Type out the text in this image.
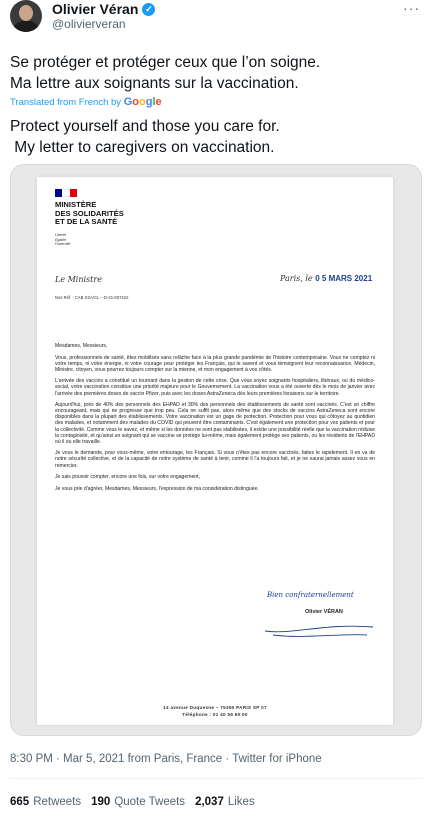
Olivier Véran ✓
@olivierveran
···
Se protéger et protéger ceux que l’on soigne.
Ma lettre aux soignants sur la vaccination.
((t8009(
Translated from French by Google
Protect yourself and those you care for.
My letter to caregivers on vaccination.
MINISTÈRE
DES SOLIDARITÉS
ET DE LA SANTÉ
Liberté
Égalité
Fraternité
Le Ministre	Paris, le 0 5 MARS 2021
Nos Réf. : CAB SSA/CL – D-21-007422

Mesdames, Messieurs,

Vous, professionnels de santé, êtes mobilisés sans relâche face à la plus grande pandémie de l'histoire contemporaine. Vous ne comptez ni votre temps, ni votre énergie, ni votre courage pour protéger les Français, qui le savent et vous témoignent leur reconnaissance. Médecin, Ministre, citoyen, vous pourrez toujours compter sur la mienne, et mon engagement à vos côtés.

L'arrivée des vaccins a constitué un tournant dans la gestion de cette crise. Que vous soyez soignants hospitaliers, libéraux, ou du médico-social, votre vaccination constitue une priorité majeure pour le Gouvernement. La vaccination vous a été ouverte dès le mois de janvier avec l'arrivée des premières doses de vaccin Pfizer, puis avec les doses AstraZeneca dès leurs premières livraisons sur le territoire.

Aujourd'hui, près de 40% des personnels des EHPAD et 30% des personnels des établissements de santé sont vaccinés. C'est un chiffre encourageant, mais qui ne progresse que trop peu. Cela ne suffit pas, alors même que des stocks de vaccins AstraZeneca sont encore disponibles dans la plupart des établissements. Votre vaccination est un gage de protection. Protection pour vous qui côtoyez au quotidien des malades, et notamment des malades du COVID qui peuvent être contaminants. C'est également une protection pour vos patients et pour la collectivité. Comme vous le savez, et même si les données ne sont pas stabilisées, il existe une possibilité réelle que la vaccination réduise la contagiosité, et qu'ainsi un soignant qui se vaccine se protège lui-même, mais également protège ses patients, ou les résidents de l'EHPAD où il ou elle travaille.

Je vous le demande, pour vous-même, votre entourage, les Français. Si vous n'êtes pas encore vaccinés, faites le rapidement. Il en va de notre sécurité collective, et de la capacité de notre système de santé à tenir, comme il l'a toujours fait, et je ne saurai jamais assez vous en remercier.

Je sais pouvoir compter, encore une fois, sur votre engagement,

Je vous prie d'agréer, Mesdames, Messieurs, l'expression de ma considération distinguée.

Bien confraternellement
Olivier VÉRAN
14 avenue Duquesne – 75350 PARIS SP 07
Téléphone : 01 40 56 60 00
8:30 PM · Mar 5, 2021 from Paris, France · Twitter for iPhone
665 Retweets 190 Quote Tweets 2,037 Likes
